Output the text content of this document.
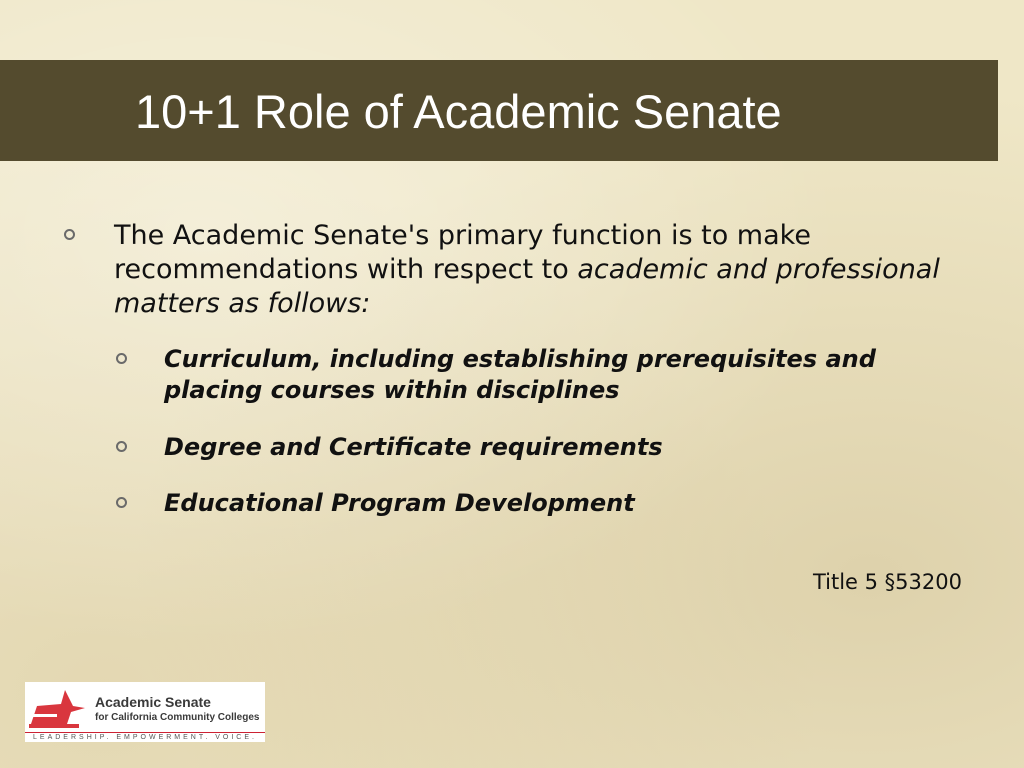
10+1 Role of Academic Senate
The Academic Senate's primary function is to make recommendations with respect to academic and professional matters as follows:
Curriculum, including establishing prerequisites and placing courses within disciplines
Degree and Certificate requirements
Educational Program Development
Title 5 §53200
Academic Senate
for California Community Colleges
LEADERSHIP. EMPOWERMENT. VOICE.
